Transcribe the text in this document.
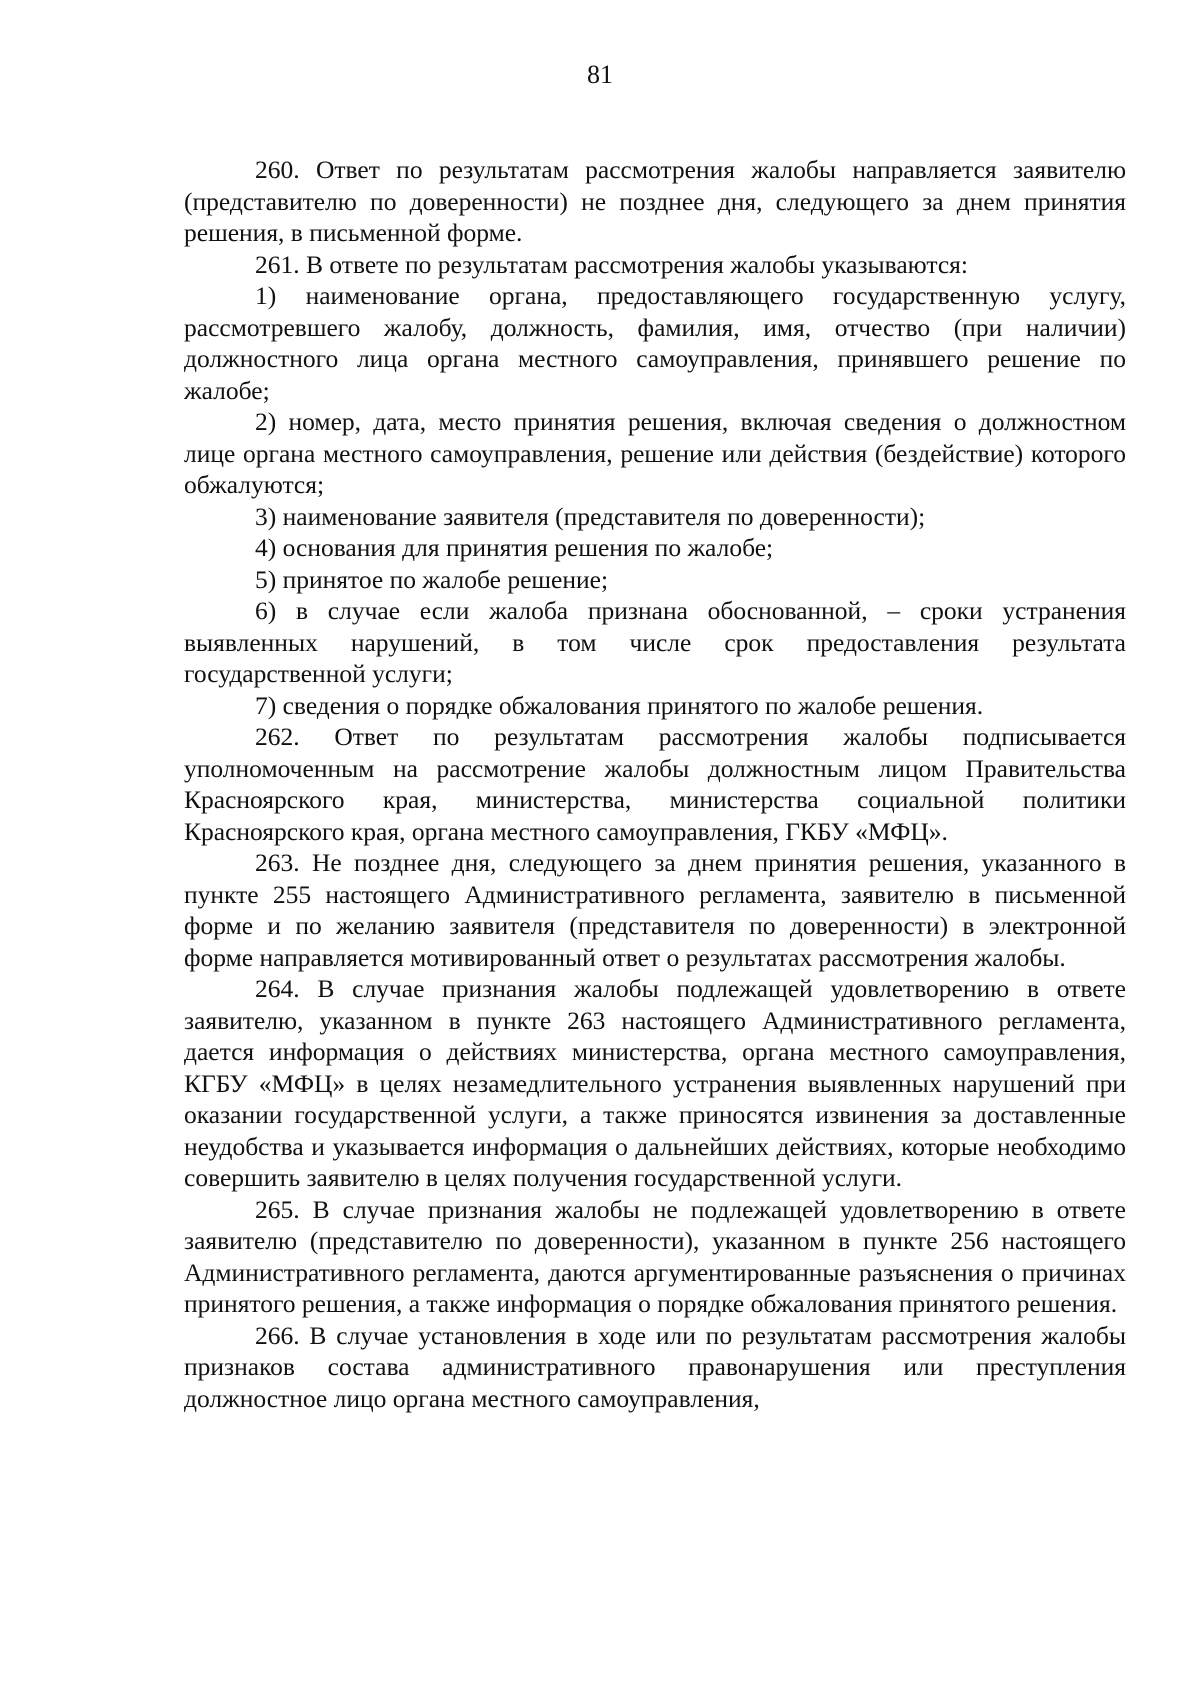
81

260. Ответ по результатам рассмотрения жалобы направляется заявителю (представителю по доверенности) не позднее дня, следующего за днем принятия решения, в письменной форме.

261. В ответе по результатам рассмотрения жалобы указываются:

1) наименование органа, предоставляющего государственную услугу, рассмотревшего жалобу, должность, фамилия, имя, отчество (при наличии) должностного лица органа местного самоуправления, принявшего решение по жалобе;

2) номер, дата, место принятия решения, включая сведения о должностном лице органа местного самоуправления, решение или действия (бездействие) которого обжалуются;

3) наименование заявителя (представителя по доверенности);

4) основания для принятия решения по жалобе;

5) принятое по жалобе решение;

6) в случае если жалоба признана обоснованной, – сроки устранения выявленных нарушений, в том числе срок предоставления результата государственной услуги;

7) сведения о порядке обжалования принятого по жалобе решения.

262. Ответ по результатам рассмотрения жалобы подписывается уполномоченным на рассмотрение жалобы должностным лицом Правительства Красноярского края, министерства, министерства социальной политики Красноярского края, органа местного самоуправления, ГКБУ «МФЦ».

263. Не позднее дня, следующего за днем принятия решения, указанного в пункте 255 настоящего Административного регламента, заявителю в письменной форме и по желанию заявителя (представителя по доверенности) в электронной форме направляется мотивированный ответ о результатах рассмотрения жалобы.

264. В случае признания жалобы подлежащей удовлетворению в ответе заявителю, указанном в пункте 263 настоящего Административного регламента, дается информация о действиях министерства, органа местного самоуправления, КГБУ «МФЦ» в целях незамедлительного устранения выявленных нарушений при оказании государственной услуги, а также приносятся извинения за доставленные неудобства и указывается информация о дальнейших действиях, которые необходимо совершить заявителю в целях получения государственной услуги.

265. В случае признания жалобы не подлежащей удовлетворению в ответе заявителю (представителю по доверенности), указанном в пункте 256 настоящего Административного регламента, даются аргументированные разъяснения о причинах принятого решения, а также информация о порядке обжалования принятого решения.

266. В случае установления в ходе или по результатам рассмотрения жалобы признаков состава административного правонарушения или преступления должностное лицо органа местного самоуправления,
